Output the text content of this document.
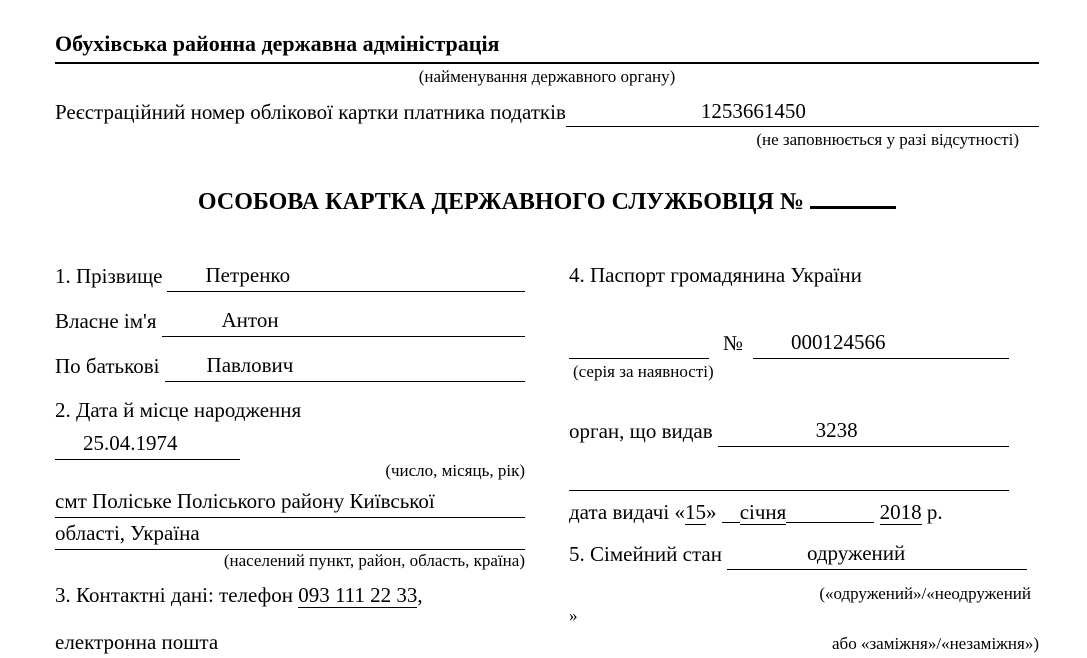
Обухівська районна державна адміністрація
(найменування державного органу)
Реєстраційний номер облікової картки платника податків	1253661450
(не заповнюється у разі відсутності)
ОСОБОВА КАРТКА ДЕРЖАВНОГО СЛУЖБОВЦЯ №
1. Прізвище	Петренко
Власне ім'я	Антон
По батькові	Павлович
2. Дата й місце народження
25.04.1974
(число, місяць, рік)
смт Поліське Поліського району Київської
області, Україна
(населений пункт, район, область, країна)
3. Контактні дані: телефон 093 111 22 33,
електронна пошта
4. Паспорт громадянина України
№	000124566
(серія за наявності)
орган, що видав	3238
дата видачі «15» січня	2018 р.
5. Сімейний стан	одружений
(«одружений»/«неодружений
»
або «заміжня»/«незаміжня»)
